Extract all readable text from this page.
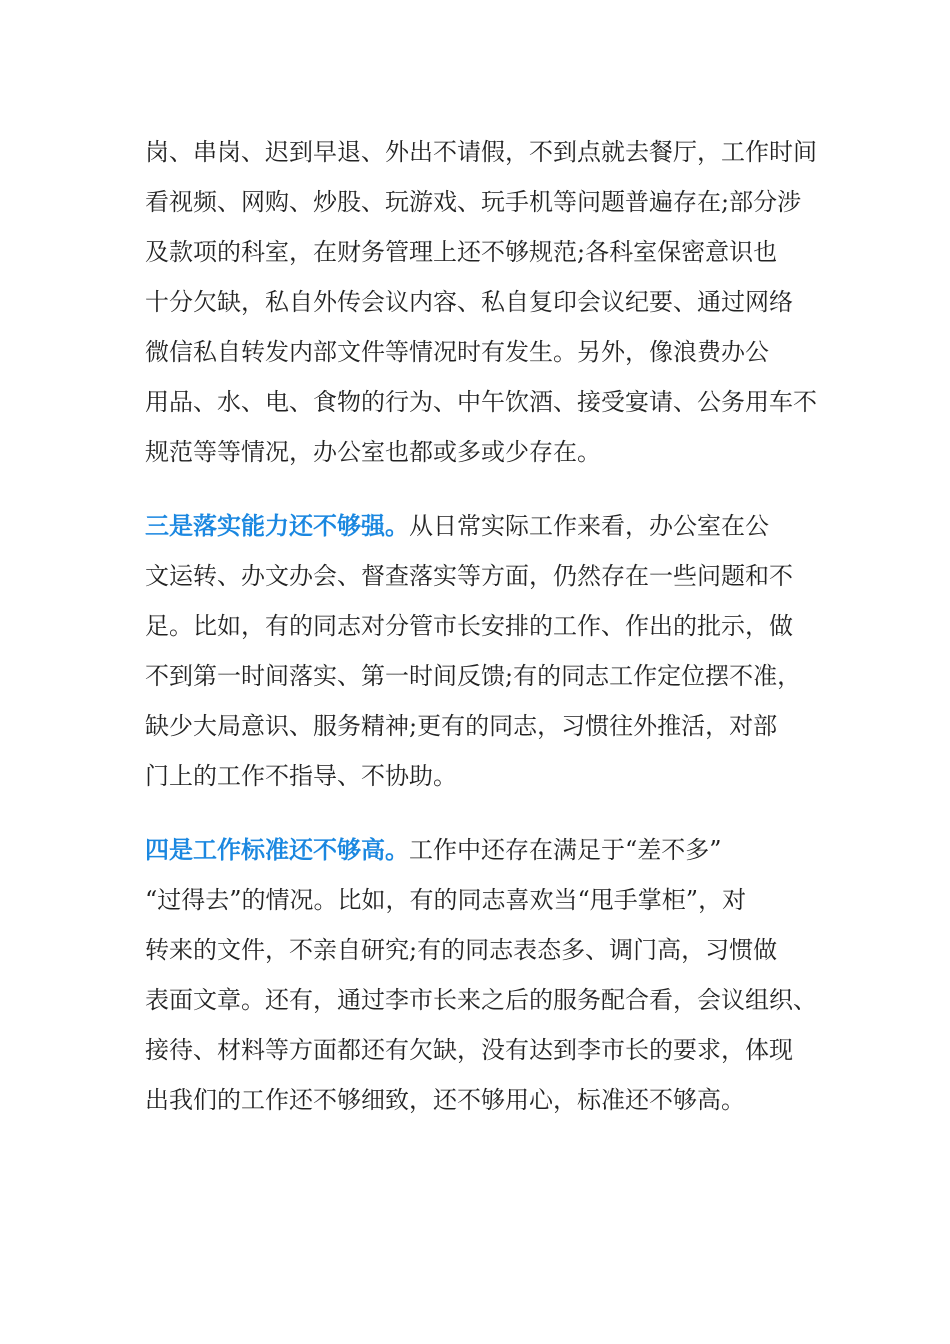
岗、串岗、迟到早退、外出不请假，不到点就去餐厅，工作时间
看视频、网购、炒股、玩游戏、玩手机等问题普遍存在;部分涉
及款项的科室，在财务管理上还不够规范;各科室保密意识也
十分欠缺，私自外传会议内容、私自复印会议纪要、通过网络
微信私自转发内部文件等情况时有发生。另外，像浪费办公
用品、水、电、食物的行为、中午饮酒、接受宴请、公务用车不
规范等等情况，办公室也都或多或少存在。
三是落实能力还不够强。从日常实际工作来看，办公室在公
文运转、办文办会、督查落实等方面，仍然存在一些问题和不
足。比如，有的同志对分管市长安排的工作、作出的批示，做
不到第一时间落实、第一时间反馈;有的同志工作定位摆不准，
缺少大局意识、服务精神;更有的同志，习惯往外推活，对部
门上的工作不指导、不协助。
四是工作标准还不够高。工作中还存在满足于“差不多”
“过得去”的情况。比如，有的同志喜欢当“甩手掌柜”，对
转来的文件，不亲自研究;有的同志表态多、调门高，习惯做
表面文章。还有，通过李市长来之后的服务配合看，会议组织、
接待、材料等方面都还有欠缺，没有达到李市长的要求，体现
出我们的工作还不够细致，还不够用心，标准还不够高。
